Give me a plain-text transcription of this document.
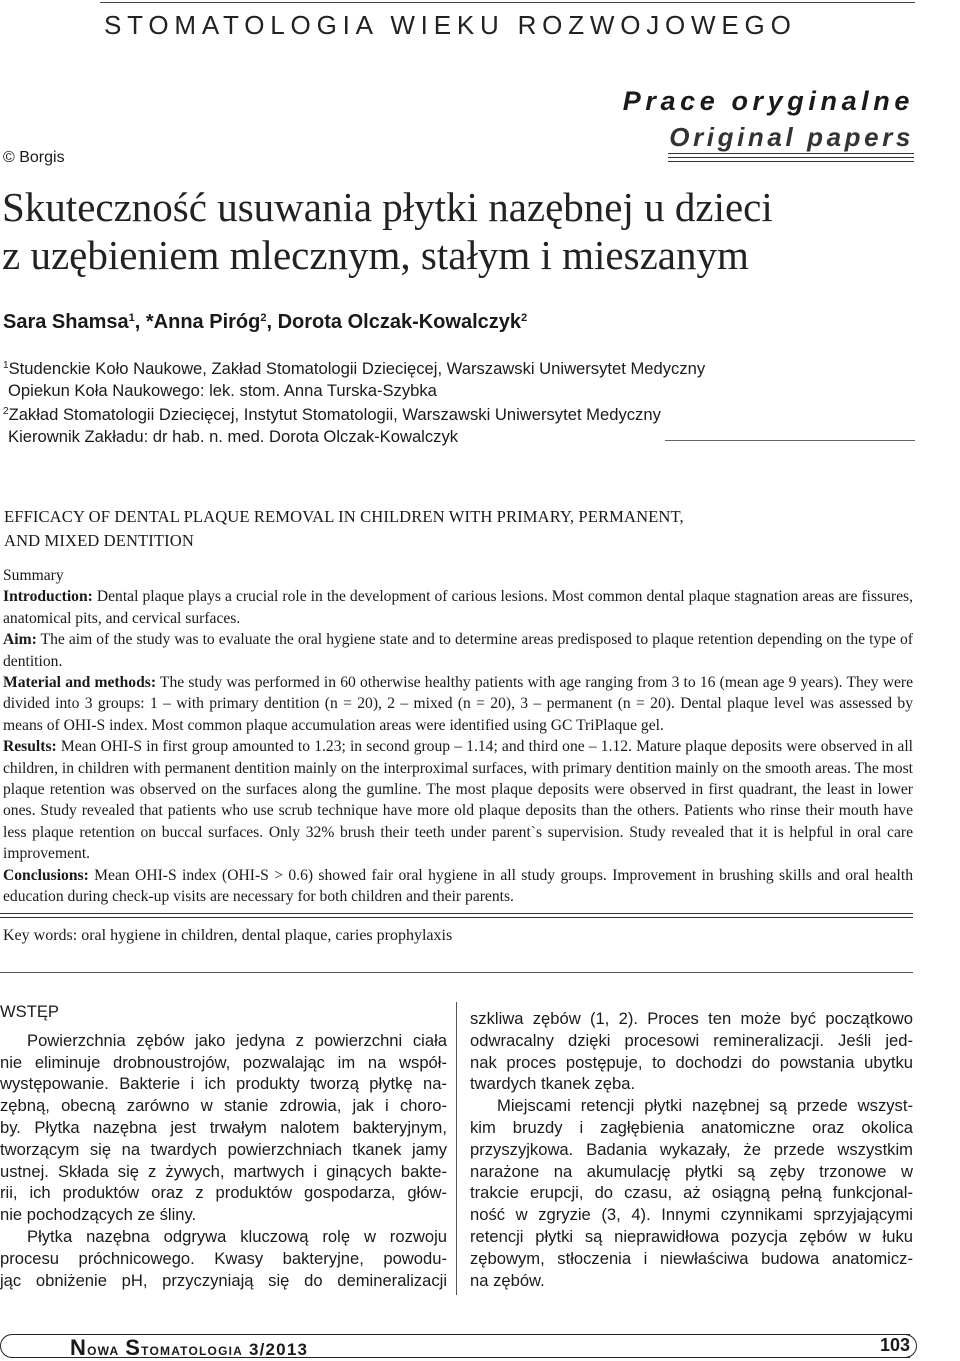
STOMATOLOGIA WIEKU ROZWOJOWEGO
Prace oryginalne
Original papers
© Borgis
Skuteczność usuwania płytki nazębnej u dzieci
z uzębieniem mlecznym, stałym i mieszanym
Sara Shamsa$^1$, *Anna Piróg$^2$, Dorota Olczak-Kowalczyk$^2$
$^1$Studenckie Koło Naukowe, Zakład Stomatologii Dziecięcej, Warszawski Uniwersytet Medyczny
Opiekun Koła Naukowego: lek. stom. Anna Turska-Szybka
$^2$Zakład Stomatologii Dziecięcej, Instytut Stomatologii, Warszawski Uniwersytet Medyczny
Kierownik Zakładu: dr hab. n. med. Dorota Olczak-Kowalczyk
EFFICACY OF DENTAL PLAQUE REMOVAL IN CHILDREN WITH PRIMARY, PERMANENT,
AND MIXED DENTITION

Summary

Introduction: Dental plaque plays a crucial role in the development of carious lesions. Most common dental plaque stagnation areas are fissures, anatomical pits, and cervical surfaces.

Aim: The aim of the study was to evaluate the oral hygiene state and to determine areas predisposed to plaque retention depending on the type of dentition.

Material and methods: The study was performed in 60 otherwise healthy patients with age ranging from 3 to 16 (mean age 9 years). They were divided into 3 groups: 1 – with primary dentition (n = 20), 2 – mixed (n = 20), 3 – permanent (n = 20). Dental plaque level was assessed by means of OHI-S index. Most common plaque accumulation areas were identified using GC TriPlaque gel.

Results: Mean OHI-S in first group amounted to 1.23; in second group – 1.14; and third one – 1.12. Mature plaque deposits were observed in all children, in children with permanent dentition mainly on the interproximal surfaces, with primary dentition mainly on the smooth areas. The most plaque retention was observed on the surfaces along the gumline. The most plaque deposits were observed in first quadrant, the least in lower ones. Study revealed that patients who use scrub technique have more old plaque deposits than the others. Patients who rinse their mouth have less plaque retention on buccal surfaces. Only 32% brush their teeth under parent`s supervision. Study revealed that it is helpful in oral care improvement.

Conclusions: Mean OHI-S index (OHI-S > 0.6) showed fair oral hygiene in all study groups. Improvement in brushing skills and oral health education during check-up visits are necessary for both children and their parents.

Key words: oral hygiene in children, dental plaque, caries prophylaxis
WSTĘP
Powierzchnia zębów jako jedyna z powierzchni ciała
nie eliminuje drobnoustrojów, pozwalając im na współ-
występowanie. Bakterie i ich produkty tworzą płytkę na-
zębną, obecną zarówno w stanie zdrowia, jak i choro-
by. Płytka nazębna jest trwałym nalotem bakteryjnym,
tworzącym się na twardych powierzchniach tkanek jamy
ustnej. Składa się z żywych, martwych i ginących bakte-
rii, ich produktów oraz z produktów gospodarza, głów-
nie pochodzących ze śliny.
Płytka nazębna odgrywa kluczową rolę w rozwoju
procesu próchnicowego. Kwasy bakteryjne, powodu-
jąc obniżenie pH, przyczyniają się do demineralizacji
szkliwa zębów (1, 2). Proces ten może być początkowo
odwracalny dzięki procesowi remineralizacji. Jeśli jed-
nak proces postępuje, to dochodzi do powstania ubytku
twardych tkanek zęba.
Miejscami retencji płytki nazębnej są przede wszyst-
kim bruzdy i zagłębienia anatomiczne oraz okolica
przyszyjkowa. Badania wykazały, że przede wszystkim
narażone na akumulację płytki są zęby trzonowe w
trakcie erupcji, do czasu, aż osiągną pełną funkcjonal-
ność w zgryzie (3, 4). Innymi czynnikami sprzyjającymi
retencji płytki są nieprawidłowa pozycja zębów w łuku
zębowym, stłoczenia i niewłaściwa budowa anatomicz-
na zębów.
Nowa Stomatologia 3/2013	103
